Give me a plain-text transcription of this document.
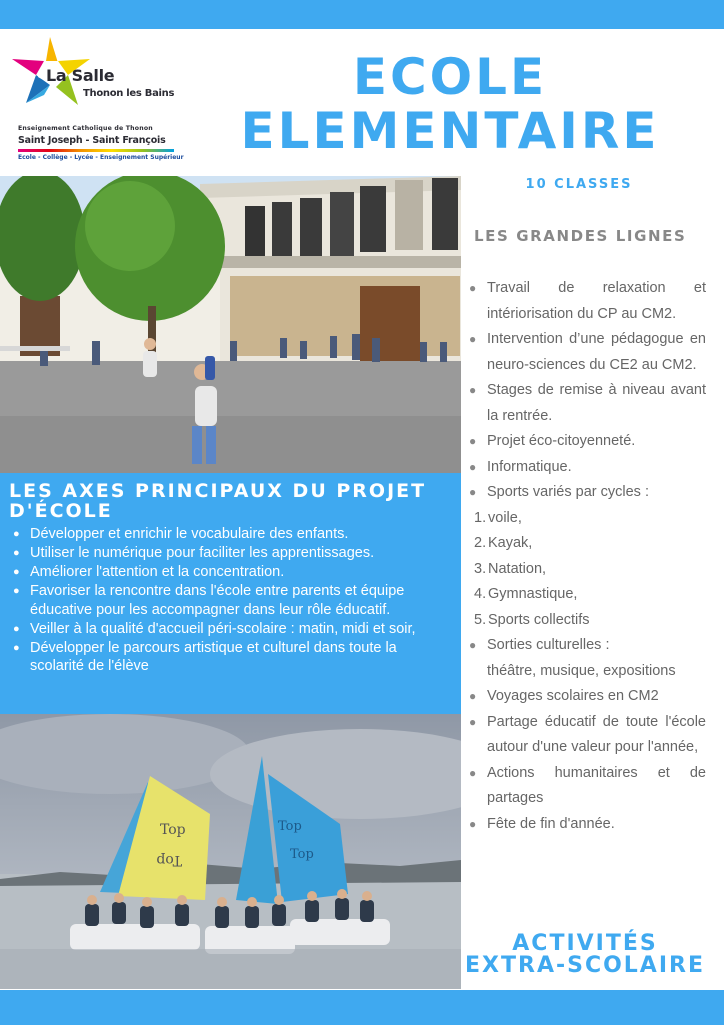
La Salle
Thonon les Bains
Enseignement Catholique de Thonon
Saint Joseph - Saint François
Ecole - Collège - Lycée - Enseignement Supérieur
ECOLE
ELEMENTAIRE
10 CLASSES
LES AXES PRINCIPAUX DU PROJET D'ÉCOLE
● Développer et enrichir le vocabulaire des enfants.
● Utiliser le numérique pour faciliter les apprentissages.
● Améliorer l'attention et la concentration.
● Favoriser la rencontre dans l'école entre parents et équipe éducative pour les accompagner dans leur rôle éducatif.
● Veiller à la qualité d'accueil péri-scolaire : matin, midi et soir,
● Développer le parcours artistique et culturel dans toute la scolarité de l'élève
Top
Top
Top
Top
LES GRANDES LIGNES
● Travail de relaxation et intériorisation du CP au CM2.
● Intervention d’une pédagogue en neuro-sciences du CE2 au CM2.
● Stages de remise à niveau avant la rentrée.
● Projet éco-citoyenneté.
● Informatique.
● Sports variés par cycles :
1. voile,
2. Kayak,
3. Natation,
4. Gymnastique,
5. Sports collectifs
● Sorties culturelles :
théâtre, musique, expositions
● Voyages scolaires en CM2
● Partage éducatif de toute l'école autour d'une valeur pour l'année,
● Actions humanitaires et de partages
● Fête de fin d'année.
ACTIVITÉS
EXTRA-SCOLAIRE
